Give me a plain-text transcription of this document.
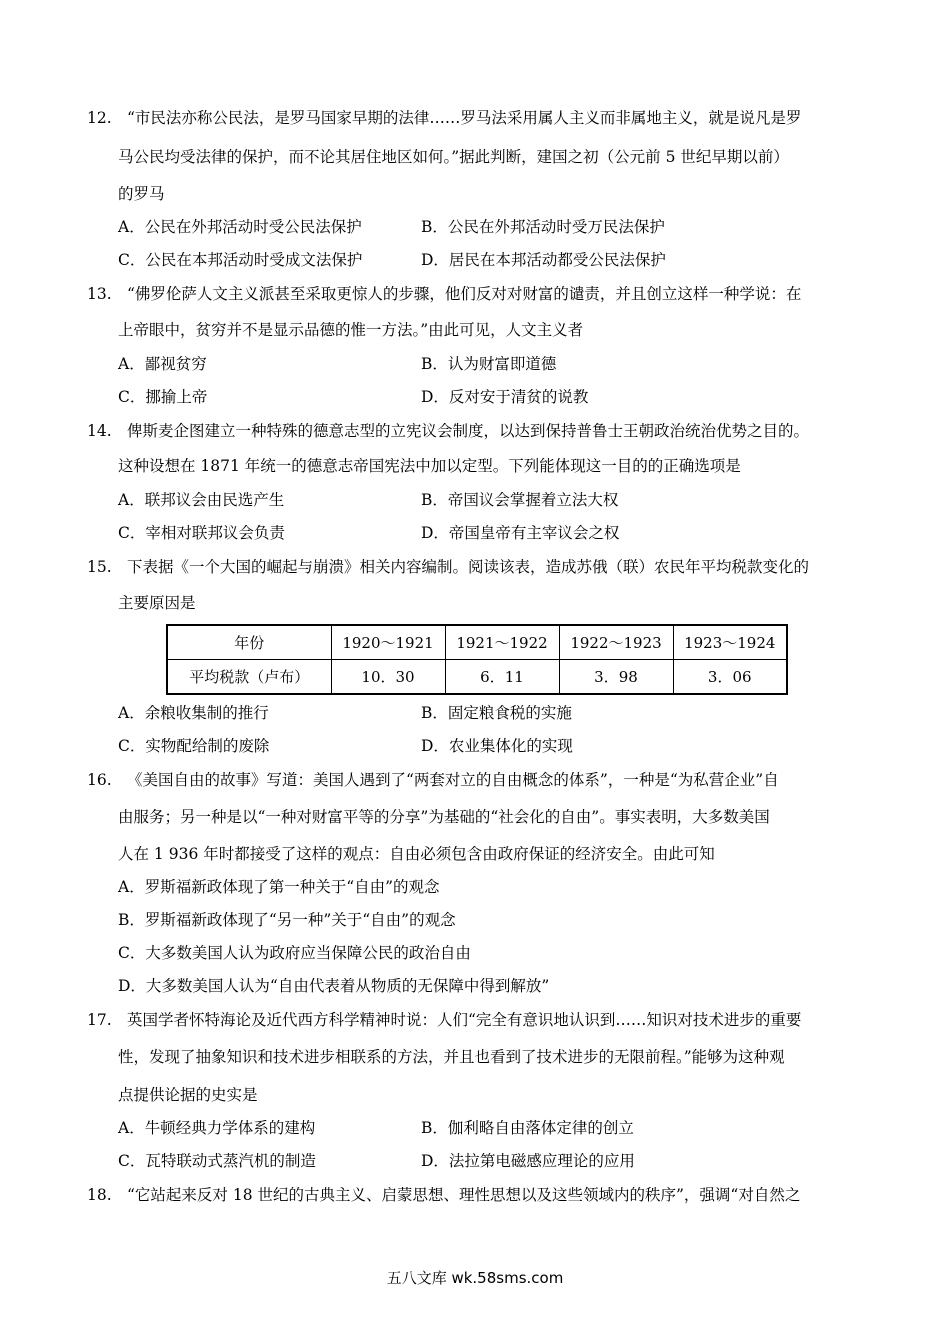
12. “市民法亦称公民法，是罗马国家早期的法律……罗马法采用属人主义而非属地主义，就是说凡是罗
马公民均受法律的保护，而不论其居住地区如何。”据此判断，建国之初（公元前 5 世纪早期以前）
的罗马
A．公民在外邦活动时受公民法保护	B．公民在外邦活动时受万民法保护
C．公民在本邦活动时受成文法保护	D．居民在本邦活动都受公民法保护
13. “佛罗伦萨人文主义派甚至采取更惊人的步骤，他们反对对财富的谴责，并且创立这样一种学说：在
上帝眼中，贫穷并不是显示品德的惟一方法。”由此可见，人文主义者
A．鄙视贫穷	B．认为财富即道德
C．挪揄上帝	D．反对安于清贫的说教
14. 俾斯麦企图建立一种特殊的德意志型的立宪议会制度，以达到保持普鲁士王朝政治统治优势之目的。
这种设想在 1871 年统一的德意志帝国宪法中加以定型。下列能体现这一目的的正确选项是
A．联邦议会由民选产生	B．帝国议会掌握着立法大权
C．宰相对联邦议会负责	D．帝国皇帝有主宰议会之权
15. 下表据《一个大国的崛起与崩溃》相关内容编制。阅读该表，造成苏俄（联）农民年平均税款变化的
主要原因是
年份	1920～1921	1921～1922	1922～1923	1923～1924
平均税款（卢布）	10．30	6．11	3．98	3．06
A．余粮收集制的推行	B．固定粮食税的实施
C．实物配给制的废除	D．农业集体化的实现
16. 《美国自由的故事》写道：美国人遇到了“两套对立的自由概念的体系”，一种是“为私营企业”自
由服务；另一种是以“一种对财富平等的分享”为基础的“社会化的自由”。事实表明，大多数美国
人在 1 936 年时都接受了这样的观点：自由必须包含由政府保证的经济安全。由此可知
A．罗斯福新政体现了第一种关于“自由”的观念
B．罗斯福新政体现了“另一种”关于“自由”的观念
C．大多数美国人认为政府应当保障公民的政治自由
D．大多数美国人认为“自由代表着从物质的无保障中得到解放”
17. 英国学者怀特海论及近代西方科学精神时说：人们“完全有意识地认识到……知识对技术进步的重要
性，发现了抽象知识和技术进步相联系的方法，并且也看到了技术进步的无限前程。”能够为这种观
点提供论据的史实是
A．牛顿经典力学体系的建构	B．伽利略自由落体定律的创立
C．瓦特联动式蒸汽机的制造	D．法拉第电磁感应理论的应用
18. “它站起来反对 18 世纪的古典主义、启蒙思想、理性思想以及这些领域内的秩序”，强调“对自然之
五八文库 wk.58sms.com
